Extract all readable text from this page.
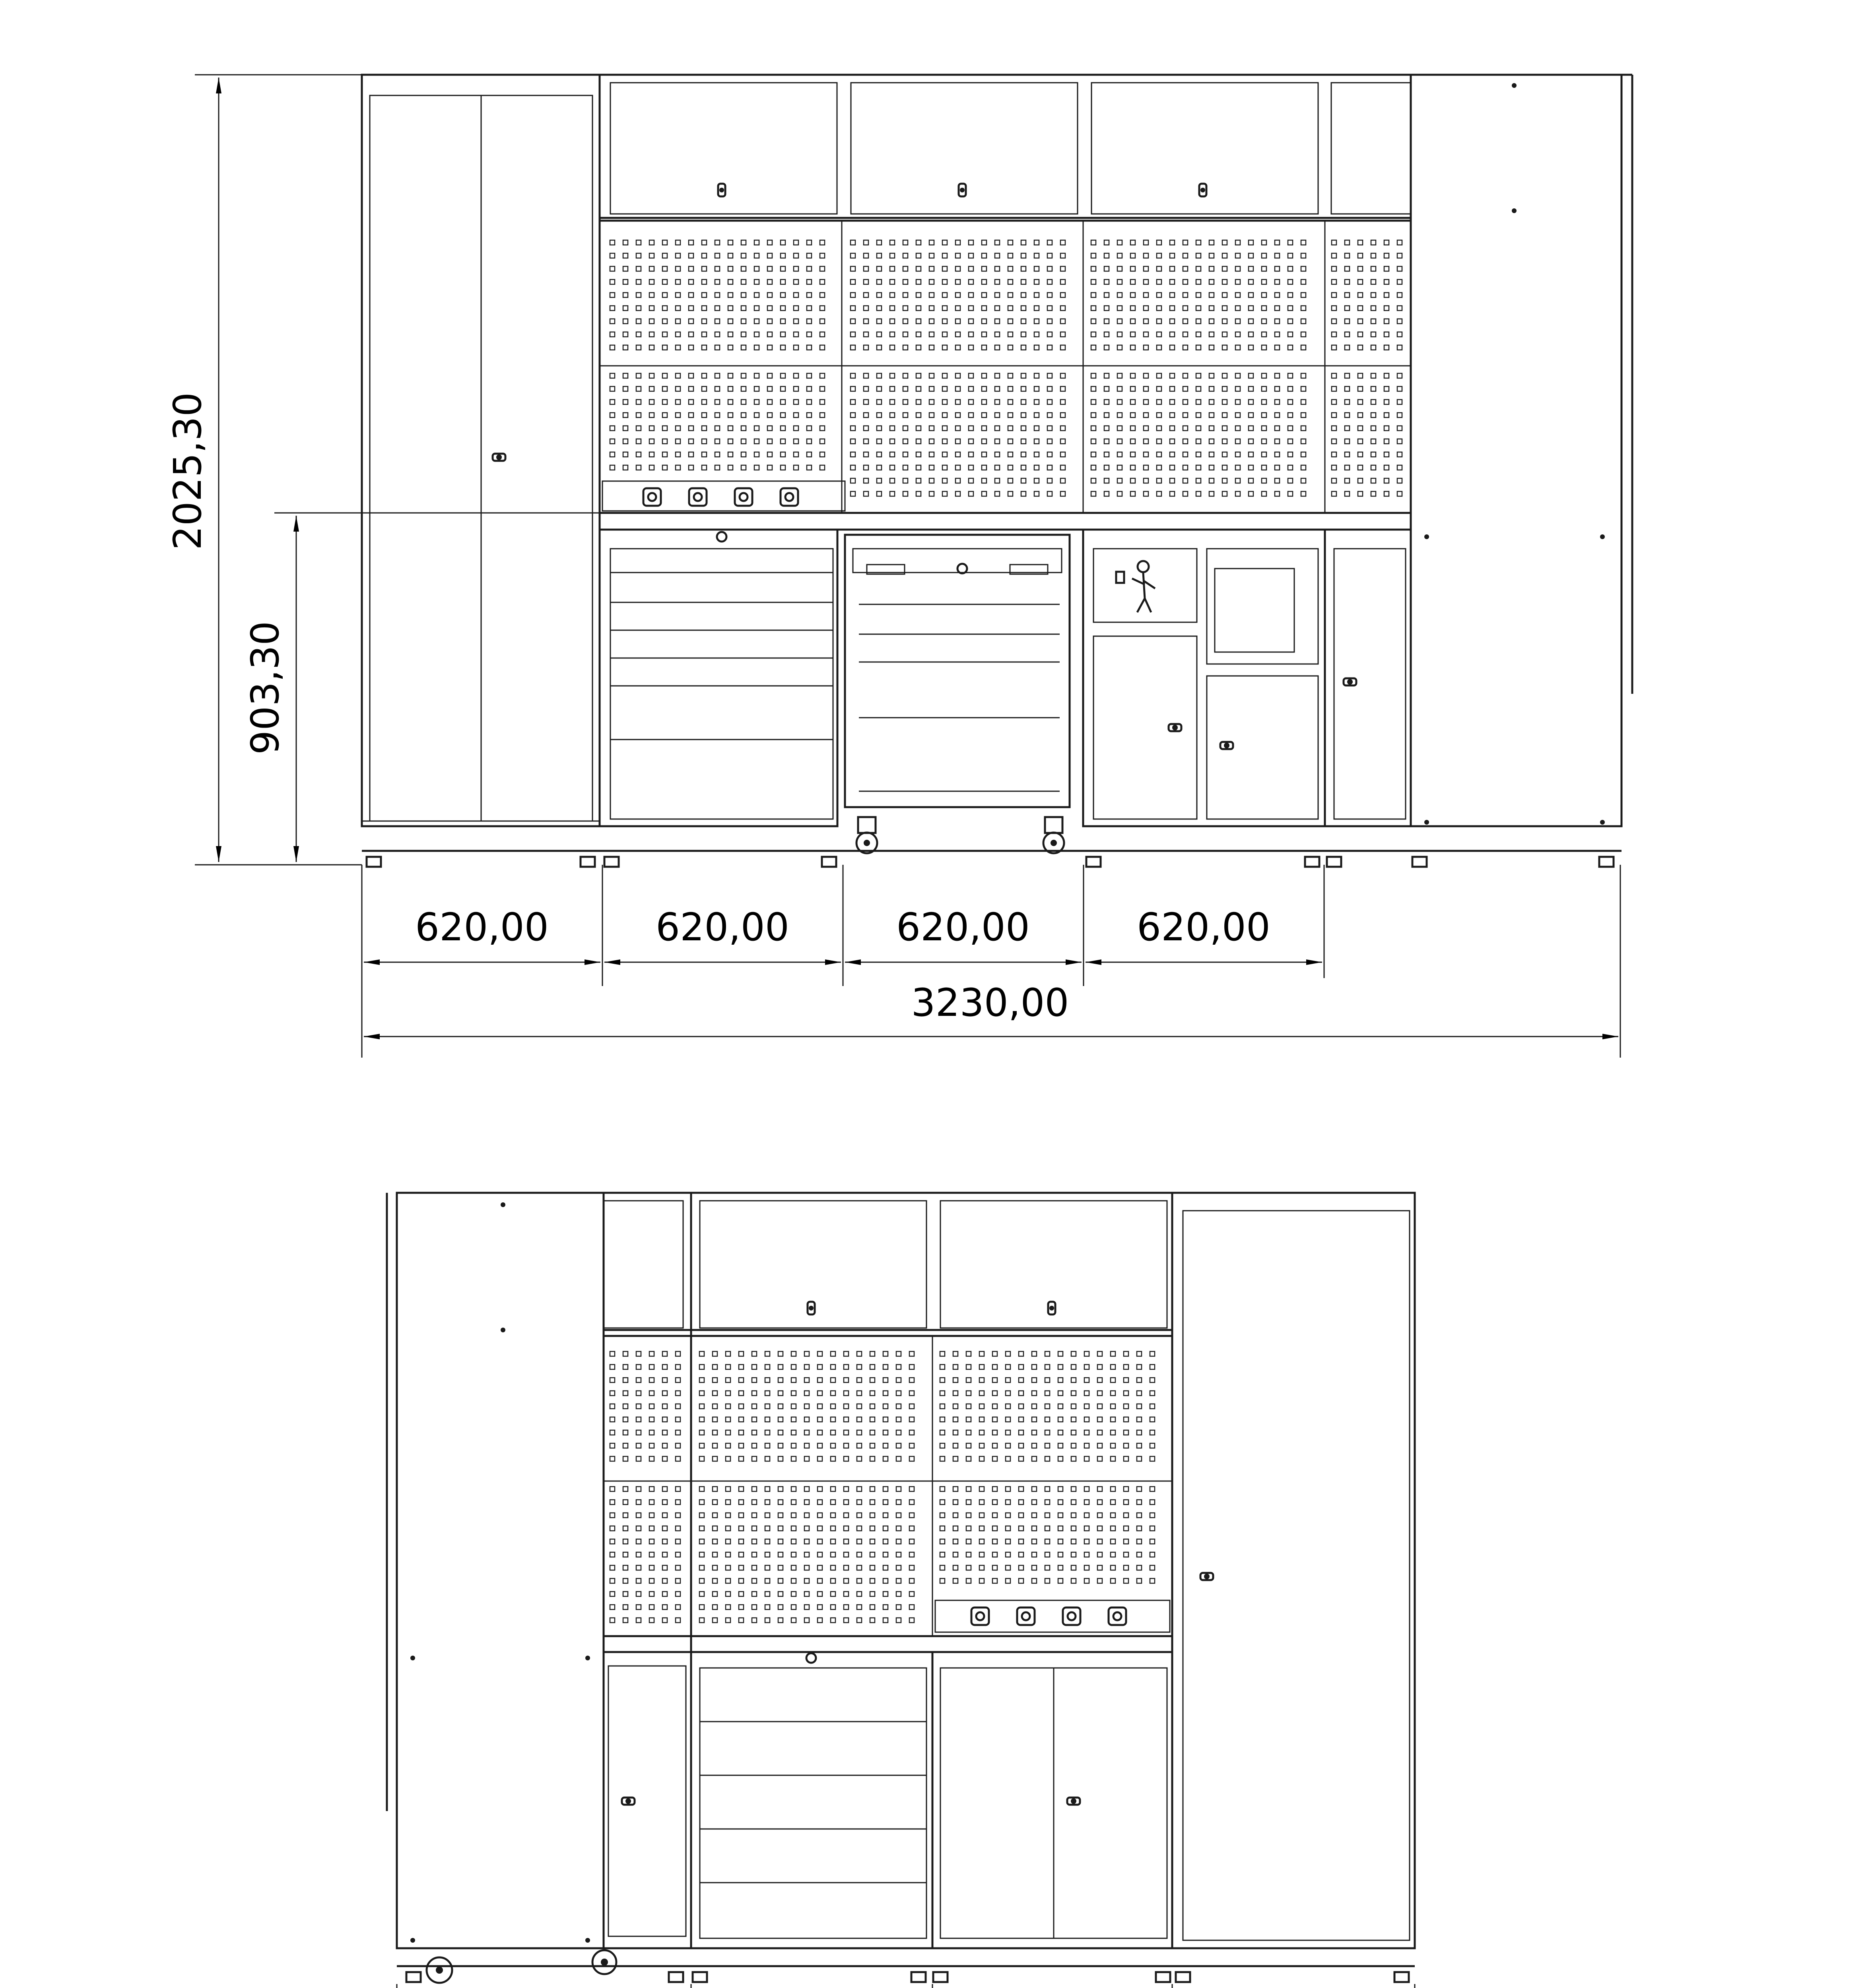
2025,30
903,30
620,00	620,00	620,00	620,00
3230,00
